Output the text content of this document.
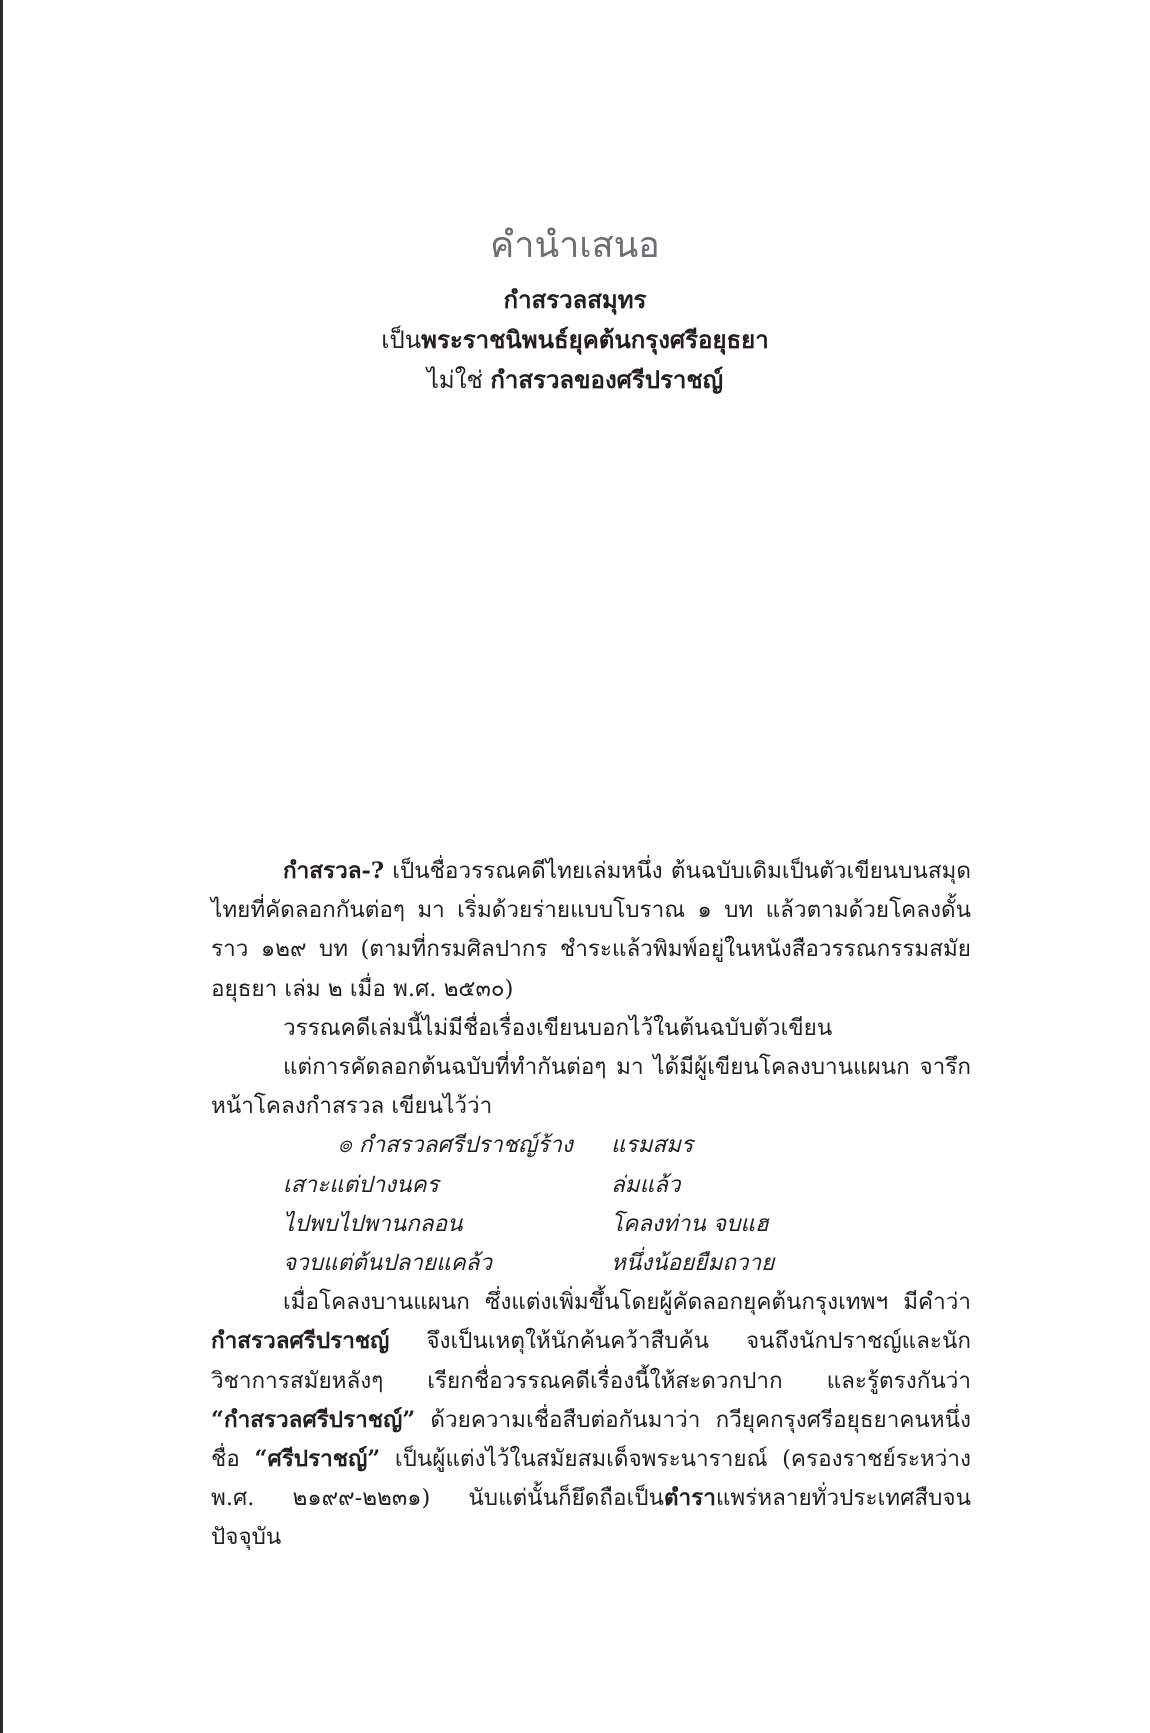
คำนำเสนอ

กำสรวลสมุทร

เป็นพระราชนิพนธ์ยุคต้นกรุงศรีอยุธยา

ไม่ใช่ กำสรวลของศรีปราชญ์

กำสรวล-? เป็นชื่อวรรณคดีไทยเล่มหนึ่ง ต้นฉบับเดิมเป็นตัวเขียนบนสมุดไทยที่คัดลอกกันต่อๆ มา เริ่มด้วยร่ายแบบโบราณ ๑ บท แล้วตามด้วยโคลงดั้นราว ๑๒๙ บท (ตามที่กรมศิลปากร ชำระแล้วพิมพ์อยู่ในหนังสือวรรณกรรมสมัยอยุธยา เล่ม ๒ เมื่อ พ.ศ. ๒๕๓๐)

วรรณคดีเล่มนี้ไม่มีชื่อเรื่องเขียนบอกไว้ในต้นฉบับตัวเขียน

แต่การคัดลอกต้นฉบับที่ทำกันต่อๆ มา ได้มีผู้เขียนโคลงบานแผนก จารึกหน้าโคลงกำสรวล เขียนไว้ว่า

๏ กำสรวลศรีปราชญ์ร้าง	แรมสมร
เสาะแต่ปางนคร	ล่มแล้ว
ไปพบไปพานกลอน	โคลงท่าน จบแฮ
จวบแต่ต้นปลายแคล้ว	หนึ่งน้อยยืมถวาย

เมื่อโคลงบานแผนก ซึ่งแต่งเพิ่มขึ้นโดยผู้คัดลอกยุคต้นกรุงเทพฯ มีคำว่า กำสรวลศรีปราชญ์ จึงเป็นเหตุให้นักค้นคว้าสืบค้น จนถึงนักปราชญ์และนักวิชาการสมัยหลังๆ เรียกชื่อวรรณคดีเรื่องนี้ให้สะดวกปาก และรู้ตรงกันว่า “กำสรวลศรีปราชญ์” ด้วยความเชื่อสืบต่อกันมาว่า กวียุคกรุงศรีอยุธยาคนหนึ่งชื่อ “ศรีปราชญ์” เป็นผู้แต่งไว้ในสมัยสมเด็จพระนารายณ์ (ครองราชย์ระหว่าง พ.ศ. ๒๑๙๙-๒๒๓๑) นับแต่นั้นก็ยึดถือเป็นตำราแพร่หลายทั่วประเทศสืบจนปัจจุบัน
